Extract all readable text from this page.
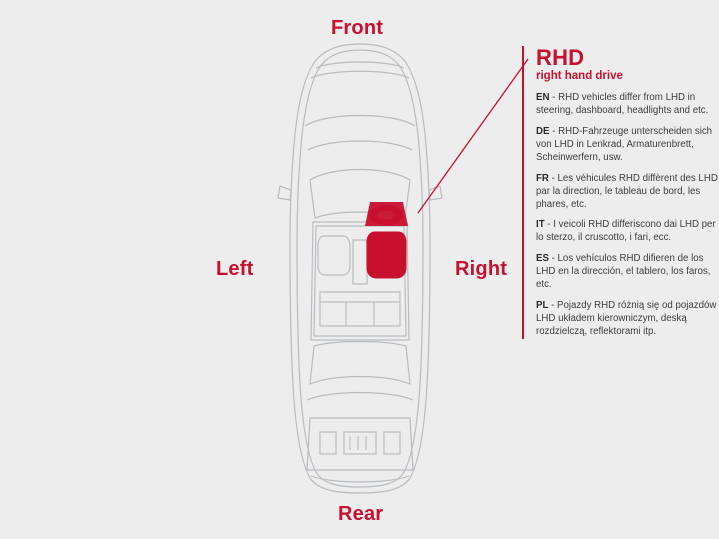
Front
Rear
Left	Right
RHD
right hand drive

EN - RHD vehicles differ from LHD in steering, dashboard, headlights and etc.

DE - RHD-Fahrzeuge unterscheiden sich von LHD in Lenkrad, Armaturenbrett, Scheinwerfern, usw.

FR - Les véhicules RHD diffèrent des LHD par la direction, le tableau de bord, les phares, etc.

IT - I veicoli RHD differiscono dai LHD per lo sterzo, il cruscotto, i fari, ecc.

ES - Los vehículos RHD difieren de los LHD en la dirección, el tablero, los faros, etc.

PL - Pojazdy RHD różnią się od pojazdów LHD układem kierowniczym, deską rozdzielczą, reflektorami itp.
